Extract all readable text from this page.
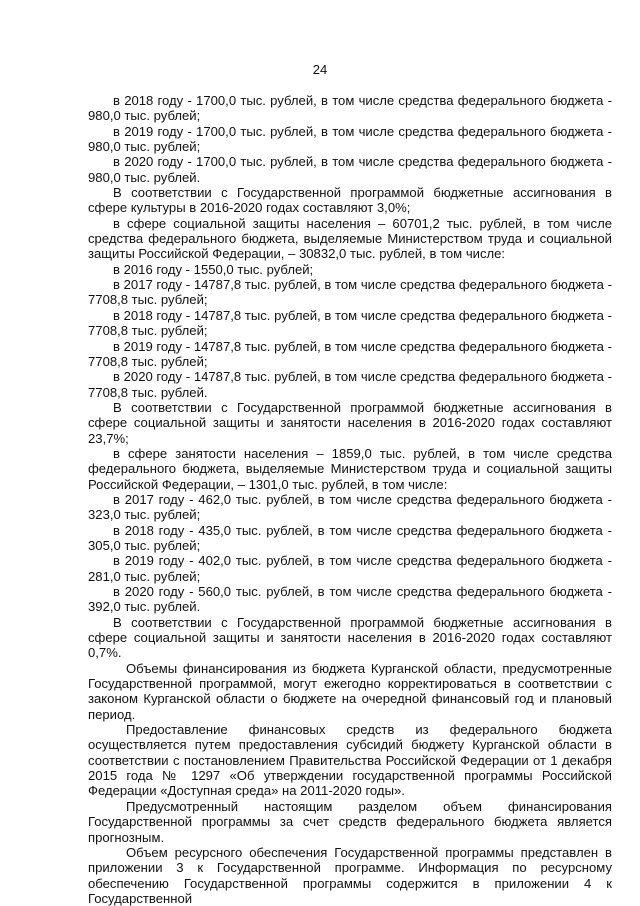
24

в 2018 году - 1700,0 тыс. рублей, в том числе средства федерального бюджета - 980,0 тыс. рублей;

в 2019 году - 1700,0 тыс. рублей, в том числе средства федерального бюджета - 980,0 тыс. рублей;

в 2020 году - 1700,0 тыс. рублей, в том числе средства федерального бюджета - 980,0 тыс. рублей.

В соответствии с Государственной программой бюджетные ассигнования в сфере культуры в 2016-2020 годах составляют 3,0%;

в сфере социальной защиты населения – 60701,2 тыс. рублей, в том числе средства федерального бюджета, выделяемые Министерством труда и социальной защиты Российской Федерации, – 30832,0 тыс. рублей, в том числе:

в 2016 году - 1550,0 тыс. рублей;

в 2017 году - 14787,8 тыс. рублей, в том числе средства федерального бюджета - 7708,8 тыс. рублей;

в 2018 году - 14787,8 тыс. рублей, в том числе средства федерального бюджета - 7708,8 тыс. рублей;

в 2019 году - 14787,8 тыс. рублей, в том числе средства федерального бюджета - 7708,8 тыс. рублей;

в 2020 году - 14787,8 тыс. рублей, в том числе средства федерального бюджета - 7708,8 тыс. рублей.

В соответствии с Государственной программой бюджетные ассигнования в сфере социальной защиты и занятости населения в 2016-2020 годах составляют 23,7%;

в сфере занятости населения – 1859,0 тыс. рублей, в том числе средства федерального бюджета, выделяемые Министерством труда и социальной защиты Российской Федерации, – 1301,0 тыс. рублей, в том числе:

в 2017 году - 462,0 тыс. рублей, в том числе средства федерального бюджета - 323,0 тыс. рублей;

в 2018 году - 435,0 тыс. рублей, в том числе средства федерального бюджета - 305,0 тыс. рублей;

в 2019 году - 402,0 тыс. рублей, в том числе средства федерального бюджета - 281,0 тыс. рублей;

в 2020 году - 560,0 тыс. рублей, в том числе средства федерального бюджета - 392,0 тыс. рублей.

В соответствии с Государственной программой бюджетные ассигнования в сфере социальной защиты и занятости населения в 2016-2020 годах составляют 0,7%.

Объемы финансирования из бюджета Курганской области, предусмотренные Государственной программой, могут ежегодно корректироваться в соответствии с законом Курганской области о бюджете на очередной финансовый год и плановый период.

Предоставление финансовых средств из федерального бюджета осуществляется путем предоставления субсидий бюджету Курганской области в соответствии с постановлением Правительства Российской Федерации от 1 декабря 2015 года № 1297 «Об утверждении государственной программы Российской Федерации «Доступная среда» на 2011-2020 годы».

Предусмотренный настоящим разделом объем финансирования Государственной программы за счет средств федерального бюджета является прогнозным.

Объем ресурсного обеспечения Государственной программы представлен в приложении 3 к Государственной программе. Информация по ресурсному обеспечению Государственной программы содержится в приложении 4 к Государственной
